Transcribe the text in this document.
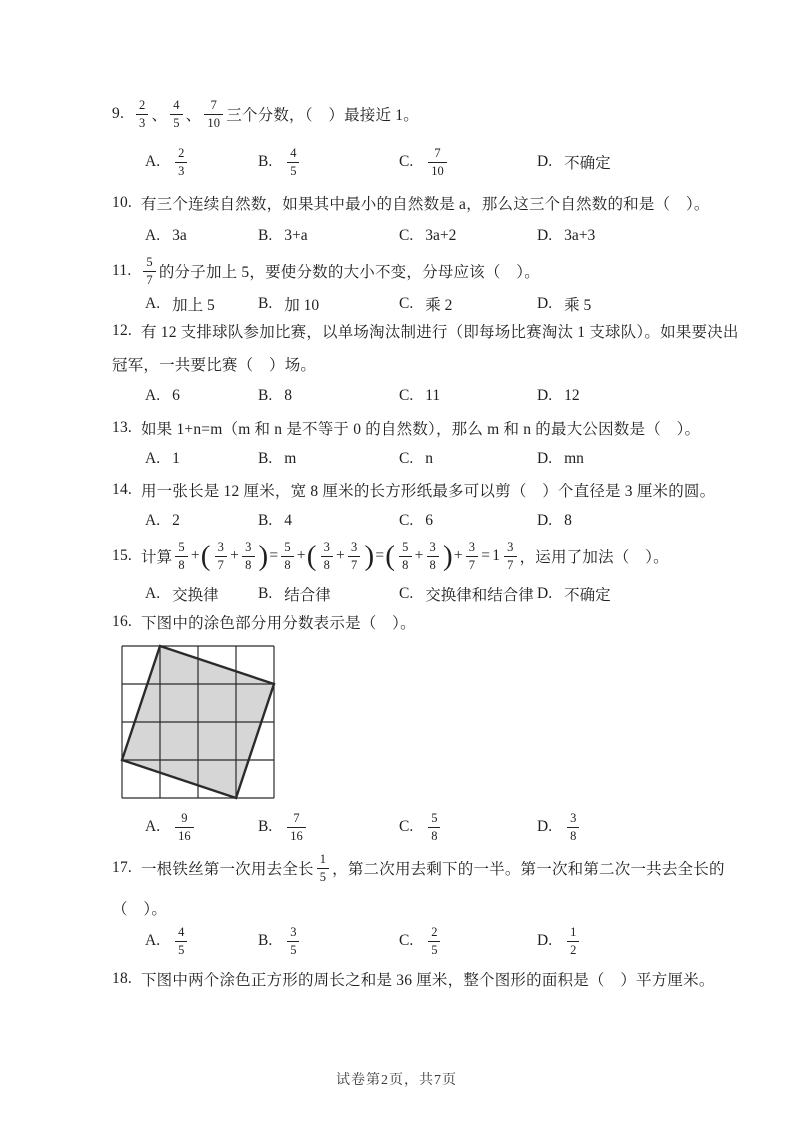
9. $\frac{2}{3}$ 、 $\frac{4}{5}$ 、 $\frac{7}{10}$ 三个分数，（　）最接近 1。
A. $\frac{2}{3}$	B. $\frac{4}{5}$	C. $\frac{7}{10}$	D. 不确定
10. 有三个连续自然数，如果其中最小的自然数是 a，那么这三个自然数的和是（　）。
A. 3a	B. 3+a	C. 3a+2	D. 3a+3
11. $\frac{5}{7}$ 的分子加上 5，要使分数的大小不变，分母应该（　）。
A. 加上 5	B. 加 10	C. 乘 2	D. 乘 5
12. 有 12 支排球队参加比赛，以单场淘汰制进行（即每场比赛淘汰 1 支球队）。如果要决出
冠军，一共要比赛（　）场。
A. 6	B. 8	C. 11	D. 12
13. 如果 1+n=m（m 和 n 是不等于 0 的自然数），那么 m 和 n 的最大公因数是（　）。
A. 1	B. m	C. n	D. mn
14. 用一张长是 12 厘米，宽 8 厘米的长方形纸最多可以剪（　）个直径是 3 厘米的圆。
A. 2	B. 4	C. 6	D. 8
15. 计算 $\frac{5}{8}$ + ( $\frac{3}{7} + \frac{3}{8}$ ) = $\frac{5}{8}$ + ( $\frac{3}{8} + \frac{3}{7}$ ) = ( $\frac{5}{8} + \frac{3}{8}$ ) + $\frac{3}{7} = 1 \frac{3}{7}$ ，运用了加法（　）。
A. 交换律	B. 结合律	C. 交换律和结合律 D. 不确定
16. 下图中的涂色部分用分数表示是（　）。
A. $\frac{9}{16}$	B. $\frac{7}{16}$	C. $\frac{5}{8}$	D. $\frac{3}{8}$
17. 一根铁丝第一次用去全长 $\frac{1}{5}$ ，第二次用去剩下的一半。第一次和第二次一共去全长的
（　）。
A. $\frac{4}{5}$	B. $\frac{3}{5}$	C. $\frac{2}{5}$	D. $\frac{1}{2}$
18. 下图中两个涂色正方形的周长之和是 36 厘米，整个图形的面积是（　）平方厘米。
试卷第2页，共7页
